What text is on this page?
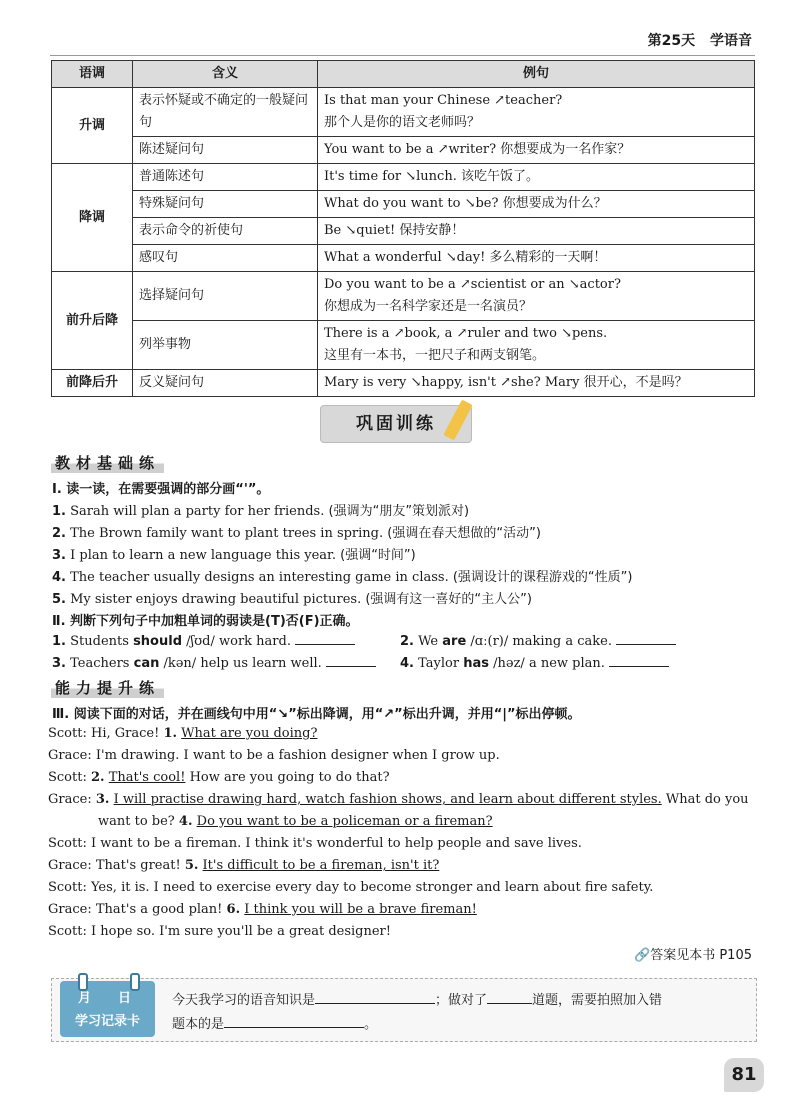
第25天 学语音
语调	含义	例句
升调	表示怀疑或不确定的一般疑问句	Is that man your Chinese ↗teacher?
那个人是你的语文老师吗？

	陈述疑问句	You want to be a ↗writer? 你想要成为一名作家？
降调	普通陈述句	It's time for ↘lunch. 该吃午饭了。
	特殊疑问句	What do you want to ↘be? 你想要成为什么？
	表示命令的祈使句	Be ↘quiet! 保持安静！
	感叹句	What a wonderful ↘day! 多么精彩的一天啊！
前升后降	选择疑问句	Do you want to be a ↗scientist or an ↘actor?
你想成为一名科学家还是一名演员？

	列举事物	There is a ↗book, a ↗ruler and two ↘pens.
这里有一本书，一把尺子和两支钢笔。

前降后升	反义疑问句	Mary is very ↘happy, isn't ↗she? Mary 很开心，不是吗？
巩固训练
教材基础练
Ⅰ. 读一读，在需要强调的部分画“'”。
1. Sarah will plan a party for her friends. (强调为“朋友”策划派对)
2. The Brown family want to plant trees in spring. (强调在春天想做的“活动”)
3. I plan to learn a new language this year. (强调“时间”)
4. The teacher usually designs an interesting game in class. (强调设计的课程游戏的“性质”)
5. My sister enjoys drawing beautiful pictures. (强调有这一喜好的“主人公”)
Ⅱ. 判断下列句子中加粗单词的弱读是(T)否(F)正确。
1. Students should /ʃʊd/ work hard.	2. We are /ɑː(r)/ making a cake.
3. Teachers can /kən/ help us learn well.	4. Taylor has /həz/ a new plan.
能力提升练
Ⅲ. 阅读下面的对话，并在画线句中用“↘”标出降调，用“↗”标出升调，并用“|”标出停顿。
Scott: Hi, Grace! 1. What are you doing?
Grace: I'm drawing. I want to be a fashion designer when I grow up.
Scott: 2. That's cool! How are you going to do that?
Grace: 3. I will practise drawing hard, watch fashion shows, and learn about different styles. What do you
want to be? 4. Do you want to be a policeman or a fireman?
Scott: I want to be a fireman. I think it's wonderful to help people and save lives.
Grace: That's great! 5. It's difficult to be a fireman, isn't it?
Scott: Yes, it is. I need to exercise every day to become stronger and learn about fire safety.
Grace: That's a good plan! 6. I think you will be a brave fireman!
Scott: I hope so. I'm sure you'll be a great designer!
🔗答案见本书 P105
月 日
学习记录卡
今天我学习的语音知识是	；做对了	道题，需要拍照加入错
题本的是	。
81
